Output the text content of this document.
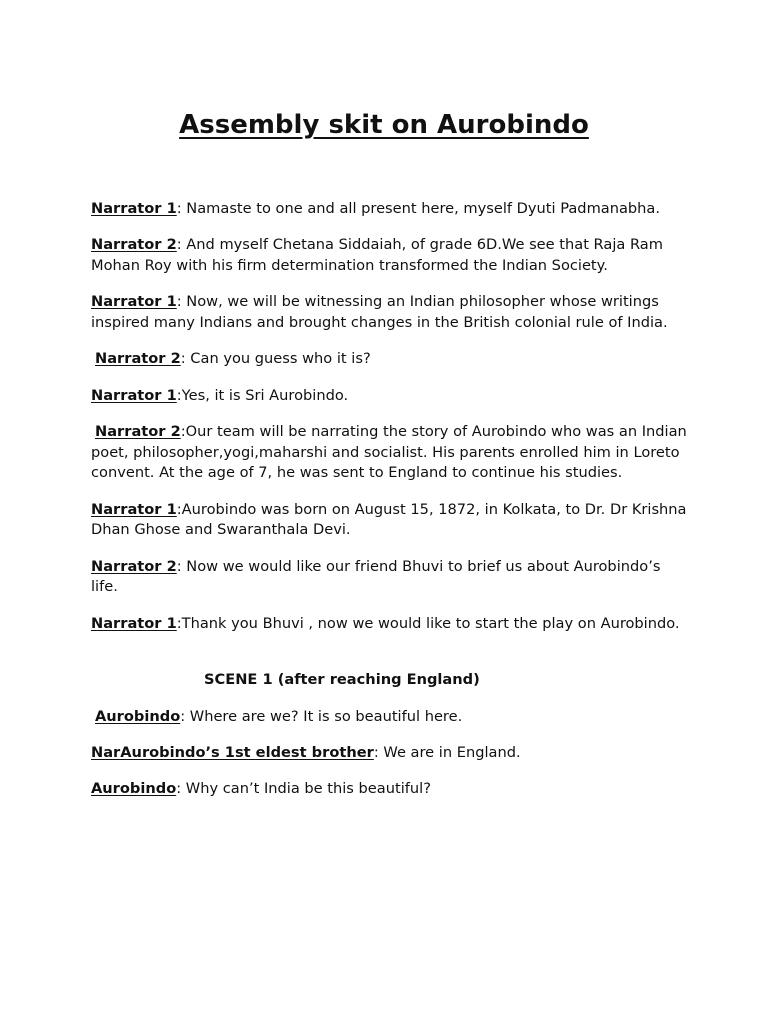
Assembly skit on Aurobindo

Narrator 1: Namaste to one and all present here, myself Dyuti Padmanabha.

Narrator 2: And myself Chetana Siddaiah, of grade 6D.We see that Raja Ram Mohan Roy with his firm determination transformed the Indian Society.

Narrator 1: Now, we will be witnessing an Indian philosopher whose writings inspired many Indians and brought changes in the British colonial rule of India.

Narrator 2: Can you guess who it is?

Narrator 1:Yes, it is Sri Aurobindo.

Narrator 2:Our team will be narrating the story of Aurobindo who was an Indian poet, philosopher,yogi,maharshi and socialist. His parents enrolled him in Loreto convent. At the age of 7, he was sent to England to continue his studies.

Narrator 1:Aurobindo was born on August 15, 1872, in Kolkata, to Dr. Dr Krishna Dhan Ghose and Swaranthala Devi.

Narrator 2: Now we would like our friend Bhuvi to brief us about Aurobindo’s life.

Narrator 1:Thank you Bhuvi , now we would like to start the play on Aurobindo.

SCENE 1 (after reaching England)

Aurobindo: Where are we? It is so beautiful here.

NarAurobindo’s 1st eldest brother: We are in England.

Aurobindo: Why can’t India be this beautiful?
